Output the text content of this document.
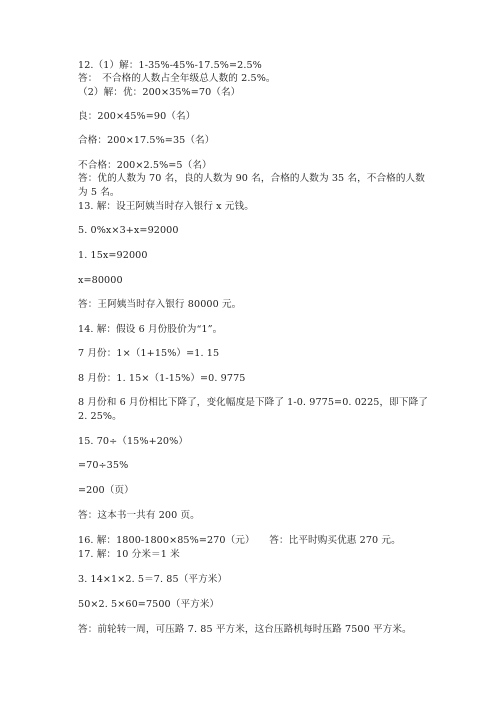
12.（1）解：1-35%-45%-17.5%=2.5%
答：　不合格的人数占全年级总人数的 2.5%。
（2）解：优：200×35%=70（名）
良：200×45%=90（名）
合格：200×17.5%=35（名）
不合格：200×2.5%=5（名）
答：优的人数为 70 名，良的人数为 90 名，合格的人数为 35 名，不合格的人数
为 5 名。
13. 解：设王阿姨当时存入银行 x 元钱。
5. 0%x×3+x=92000
1. 15x=92000
x=80000
答：王阿姨当时存入银行 80000 元。
14. 解：假设 6 月份股价为“1”。
7 月份：1×（1+15%）=1. 15
8 月份：1. 15×（1-15%）=0. 9775
8 月份和 6 月份相比下降了，变化幅度是下降了 1-0. 9775=0. 0225，即下降了
2. 25%。
15. 70÷（15%+20%）
=70÷35%
=200（页）
答：这本书一共有 200 页。
16. 解：1800-1800×85%=270（元）　　答：比平时购买优惠 270 元。
17. 解：10 分米＝1 米
3. 14×1×2. 5＝7. 85（平方米）
50×2. 5×60=7500（平方米）
答：前轮转一周，可压路 7. 85 平方米，这台压路机每时压路 7500 平方米。
